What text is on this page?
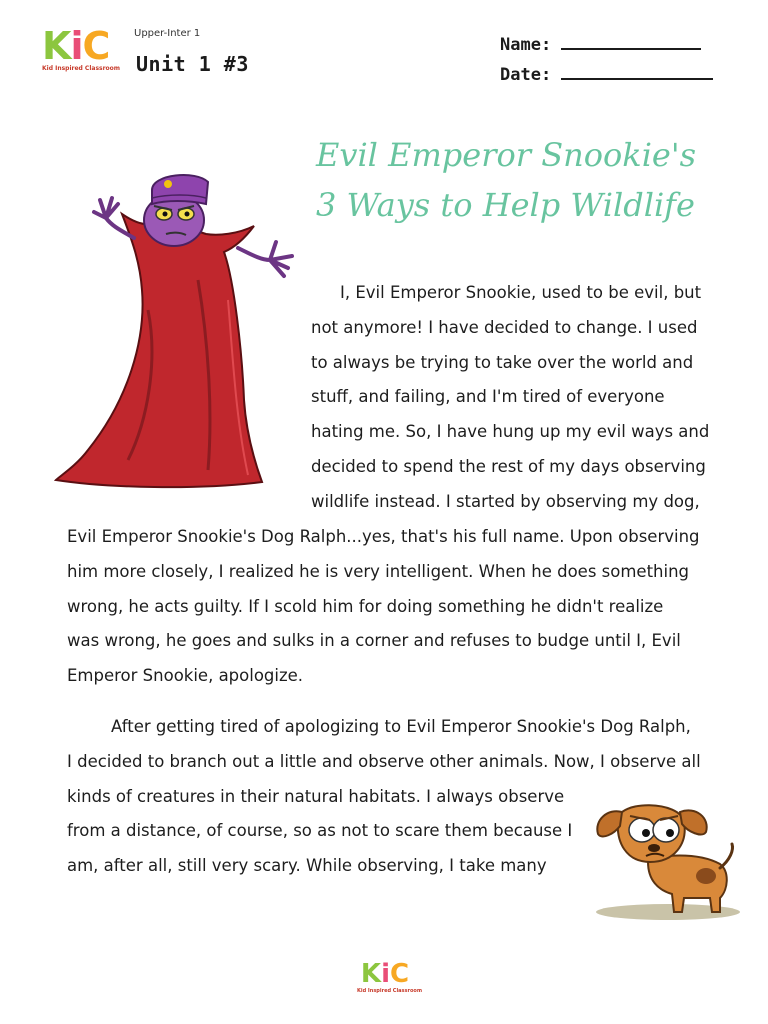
KiC
Kid Inspired Classroom
Upper-Inter 1
Unit 1 #3
Name:
Date:
Evil Emperor Snookie's
3 Ways to Help Wildlife
I, Evil Emperor Snookie, used to be evil, but
not anymore! I have decided to change. I used
to always be trying to take over the world and
stuff, and failing, and I'm tired of everyone
hating me. So, I have hung up my evil ways and
decided to spend the rest of my days observing
wildlife instead. I started by observing my dog,
Evil Emperor Snookie's Dog Ralph...yes, that's his full name. Upon observing
him more closely, I realized he is very intelligent. When he does something
wrong, he acts guilty. If I scold him for doing something he didn't realize
was wrong, he goes and sulks in a corner and refuses to budge until I, Evil
Emperor Snookie, apologize.
After getting tired of apologizing to Evil Emperor Snookie's Dog Ralph,
I decided to branch out a little and observe other animals. Now, I observe all
kinds of creatures in their natural habitats. I always observe
from a distance, of course, so as not to scare them because I
am, after all, still very scary. While observing, I take many
KiC
Kid Inspired Classroom
